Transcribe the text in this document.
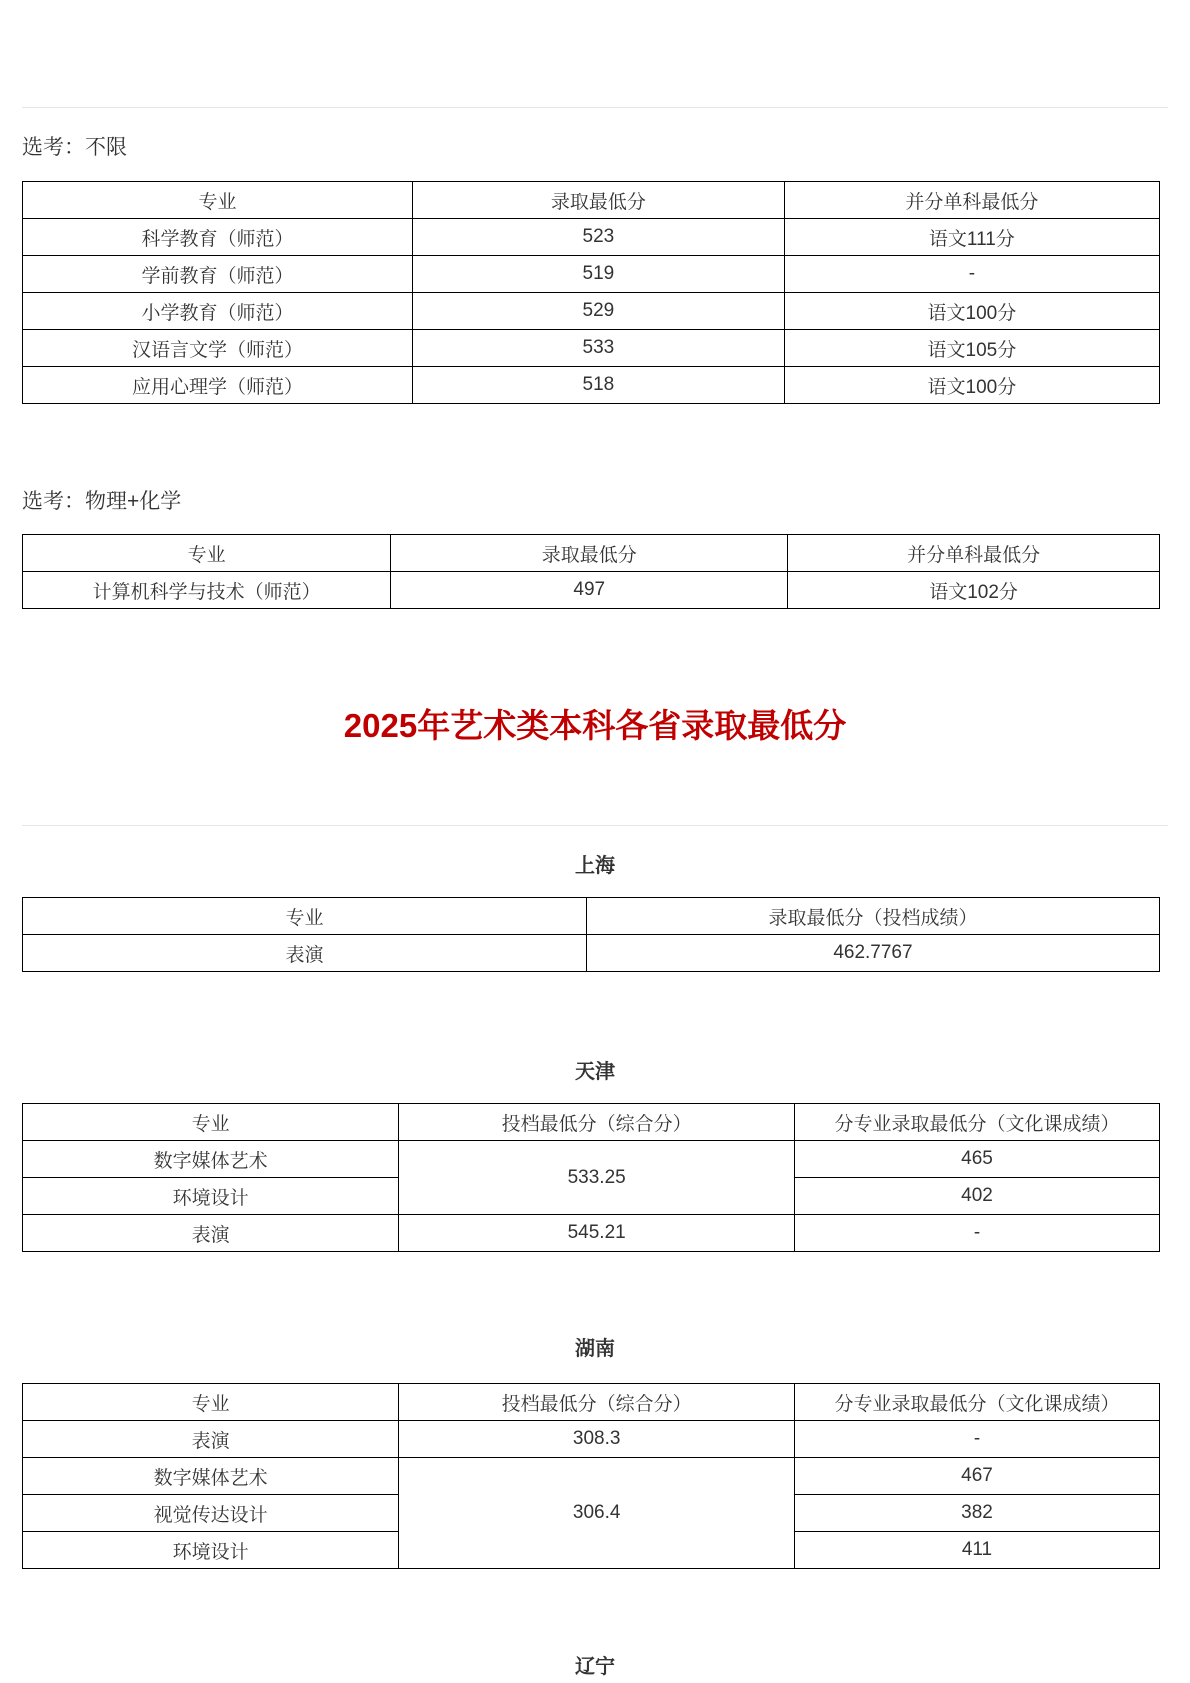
选考：不限

专业	录取最低分	并分单科最低分
科学教育（师范）	523	语文111分
学前教育（师范）	519	-
小学教育（师范）	529	语文100分
汉语言文学（师范）	533	语文105分
应用心理学（师范）	518	语文100分

选考：物理+化学

专业	录取最低分	并分单科最低分
计算机科学与技术（师范）	497	语文102分
2025年艺术类本科各省录取最低分

上海

专业	录取最低分（投档成绩）
表演	462.7767

天津

专业	投档最低分（综合分）	分专业录取最低分（文化课成绩）
数字媒体艺术	533.25	465
环境设计		402
表演	545.21	-

湖南

专业	投档最低分（综合分）	分专业录取最低分（文化课成绩）
表演	308.3	-
数字媒体艺术	306.4	467
视觉传达设计		382
环境设计		411

辽宁
